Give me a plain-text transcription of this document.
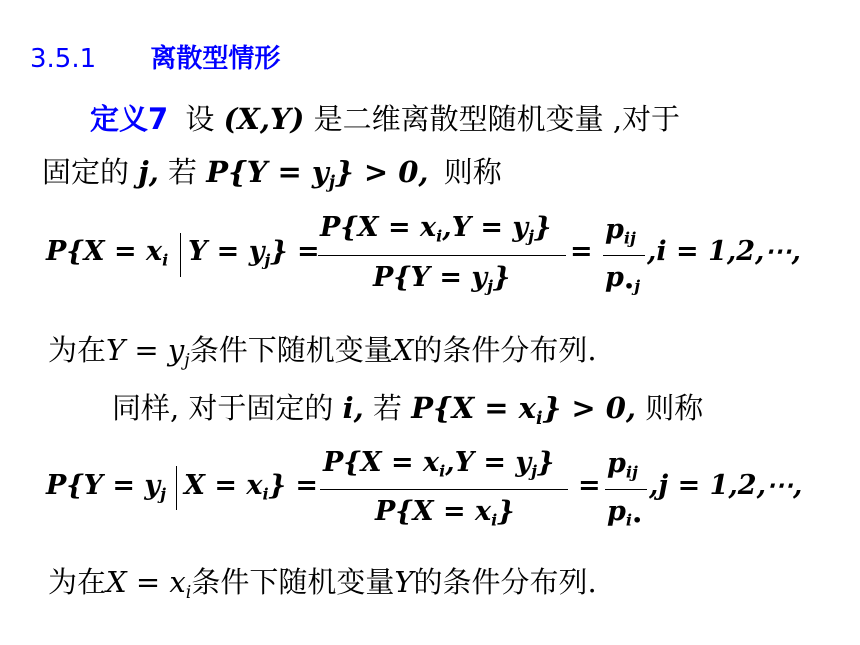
3.5.1 离散型情形
定义7 设 (X,Y) 是二维离散型随机变量 ,对于
固定的 j, 若 $P\{Y = y_j\} > 0$, 则称
$P\{X = x_i$ $Y = y_j$} =
$P\{X = x_i,Y = y_j\}$
$P\{Y = y_j\}$
=
$p_{ij}$
$p_{•j}$
,i = 1,2,⋯,
为在$Y = y_j$条件下随机变量X的条件分布列.
同样, 对于固定的 i, 若 $P\{X = x_i\} > 0$, 则称
$P\{Y = y_j$ $X = x_i$} =
$P\{X = x_i,Y = y_j\}$
$P\{X = x_i\}$
=
$p_{ij}$
$p_{i•}$
,j = 1,2,⋯,
为在$X = x_i$条件下随机变量Y的条件分布列.
